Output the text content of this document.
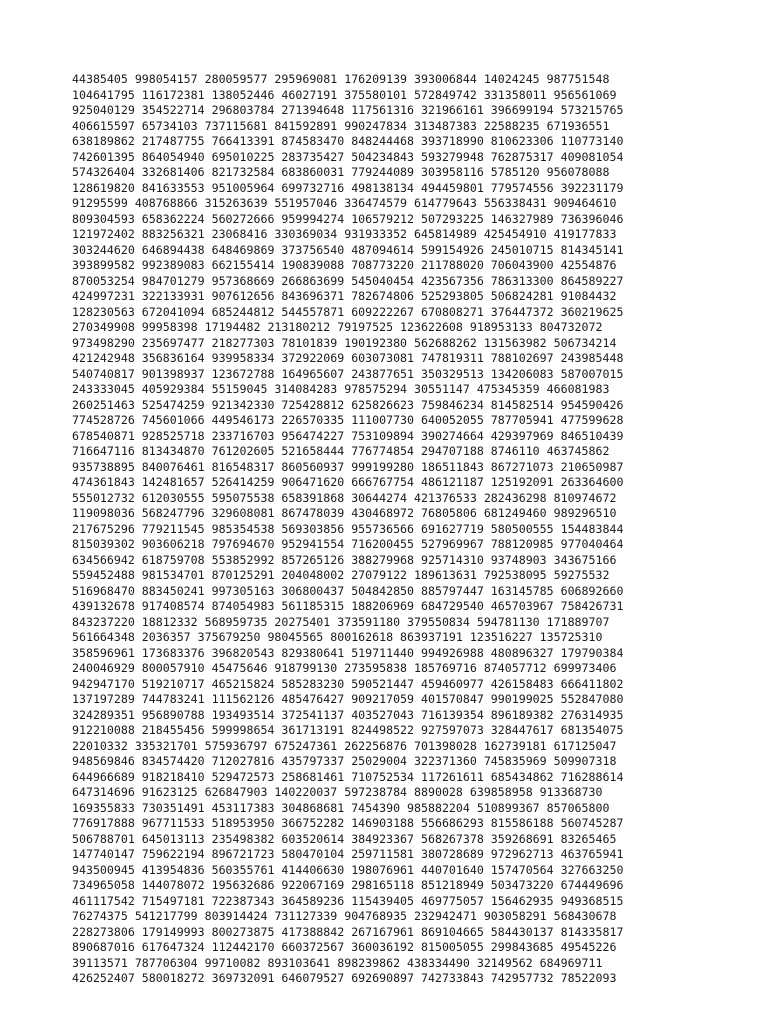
44385405 998054157 280059577 295969081 176209139 393006844 14024245 987751548
104641795 116172381 138052446 46027191 375580101 572849742 331358011 956561069
925040129 354522714 296803784 271394648 117561316 321966161 396699194 573215765
406615597 65734103 737115681 841592891 990247834 313487383 22588235 671936551
638189862 217487755 766413391 874583470 848244468 393718990 810623306 110773140
742601395 864054940 695010225 283735427 504234843 593279948 762875317 409081054
574326404 332681406 821732584 683860031 779244089 303958116 5785120 956078088
128619820 841633553 951005964 699732716 498138134 494459801 779574556 392231179
91295599 408768866 315263639 551957046 336474579 614779643 556338431 909464610
809304593 658362224 560272666 959994274 106579212 507293225 146327989 736396046
121972402 883256321 23068416 330369034 931933352 645814989 425454910 419177833
303244620 646894438 648469869 373756540 487094614 599154926 245010715 814345141
393899582 992389083 662155414 190839088 708773220 211788020 706043900 42554876
870053254 984701279 957368669 266863699 545040454 423567356 786313300 864589227
424997231 322133931 907612656 843696371 782674806 525293805 506824281 91084432
128230563 672041094 685244812 544557871 609222267 670808271 376447372 360219625
270349908 99958398 17194482 213180212 79197525 123622608 918953133 804732072
973498290 235697477 218277303 78101839 190192380 562688262 131563982 506734214
421242948 356836164 939958334 372922069 603073081 747819311 788102697 243985448
540740817 901398937 123672788 164965607 243877651 350329513 134206083 587007015
243333045 405929384 55159045 314084283 978575294 30551147 475345359 466081983
260251463 525474259 921342330 725428812 625826623 759846234 814582514 954590426
774528726 745601066 449546173 226570335 111007730 640052055 787705941 477599628
678540871 928525718 233716703 956474227 753109894 390274664 429397969 846510439
716647116 813434870 761202605 521658444 776774854 294707188 8746110 463745862
935738895 840076461 816548317 860560937 999199280 186511843 867271073 210650987
474361843 142481657 526414259 906471620 666767754 486121187 125192091 263364600
555012732 612030555 595075538 658391868 30644274 421376533 282436298 810974672
119098036 568247796 329608081 867478039 430468972 76805806 681249460 989296510
217675296 779211545 985354538 569303856 955736566 691627719 580500555 154483844
815039302 903606218 797694670 952941554 716200455 527969967 788120985 977040464
634566942 618759708 553852992 857265126 388279968 925714310 93748903 343675166
559452488 981534701 870125291 204048002 27079122 189613631 792538095 59275532
516968470 883450241 997305163 306800437 504842850 885797447 163145785 606892660
439132678 917408574 874054983 561185315 188206969 684729540 465703967 758426731
843237220 18812332 568959735 20275401 373591180 379550834 594781130 171889707
561664348 2036357 375679250 98045565 800162618 863937191 123516227 135725310
358596961 173683376 396820543 829380641 519711440 994926988 480896327 179790384
240046929 800057910 45475646 918799130 273595838 185769716 874057712 699973406
942947170 519210717 465215824 585283230 590521447 459460977 426158483 666411802
137197289 744783241 111562126 485476427 909217059 401570847 990199025 552847080
324289351 956890788 193493514 372541137 403527043 716139354 896189382 276314935
912210088 218455456 599998654 361713191 824498522 927597073 328447617 681354075
22010332 335321701 575936797 675247361 262256876 701398028 162739181 617125047
948569846 834574420 712027816 435797337 25029004 322371360 745835969 509907318
644966689 918218410 529472573 258681461 710752534 117261611 685434862 716288614
647314696 91623125 626847903 140220037 597238784 8890028 639858958 913368730
169355833 730351491 453117383 304868681 7454390 985882204 510899367 857065800
776917888 967711533 518953950 366752282 146903188 556686293 815586188 560745287
506788701 645013113 235498382 603520614 384923367 568267378 359268691 83265465
147740147 759622194 896721723 580470104 259711581 380728689 972962713 463765941
943500945 413954836 560355761 414406630 198076961 440701640 157470564 327663250
734965058 144078072 195632686 922067169 298165118 851218949 503473220 674449696
461117542 715497181 722387343 364589236 115439405 469775057 156462935 949368515
76274375 541217799 803914424 731127339 904768935 232942471 903058291 568430678
228273806 179149993 800273875 417388842 267167961 869104665 584430137 814335817
890687016 617647324 112442170 660372567 360036192 815005055 299843685 49545226
39113571 787706304 99710082 893103641 898239862 438334490 32149562 684969711
426252407 580018272 369732091 646079527 692690897 742733843 742957732 78522093
